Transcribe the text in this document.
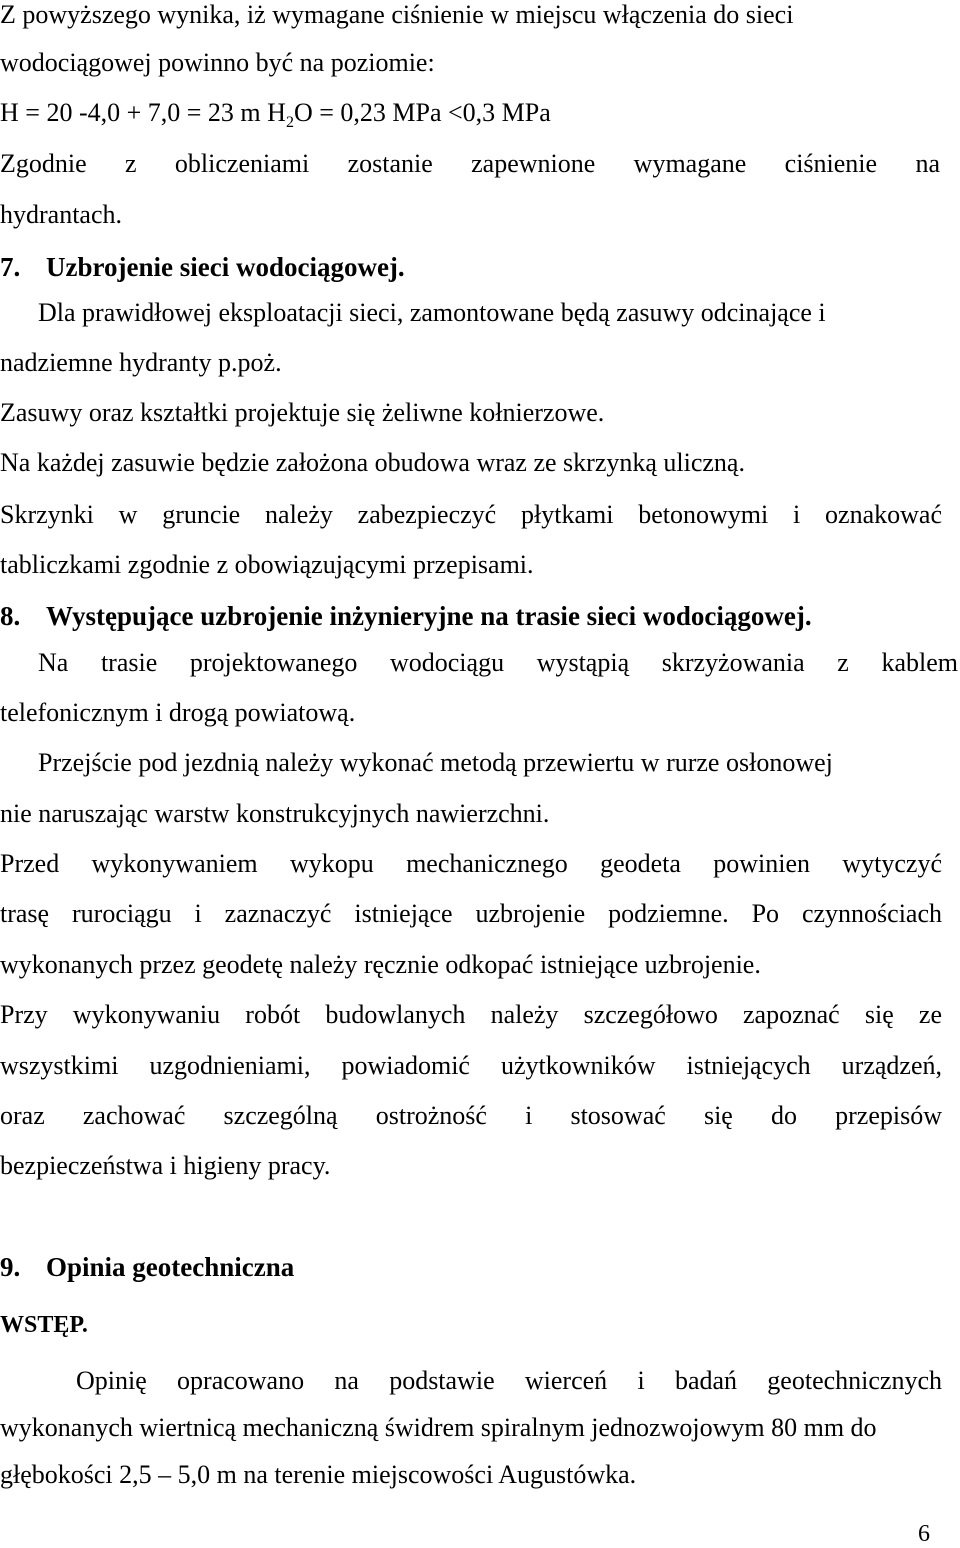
Z powyższego wynika, iż wymagane ciśnienie w miejscu włączenia do sieci
wodociągowej powinno być na poziomie:
H = 20 -4,0 + 7,0 = 23 m $H_2O = 0,23$ MPa <0,3 MPa
Zgodnie z obliczeniami zostanie zapewnione wymagane ciśnienie na
hydrantach.
7. Uzbrojenie sieci wodociągowej.
Dla prawidłowej eksploatacji sieci, zamontowane będą zasuwy odcinające i
nadziemne hydranty p.poż.
Zasuwy oraz kształtki projektuje się żeliwne kołnierzowe.
Na każdej zasuwie będzie założona obudowa wraz ze skrzynką uliczną.
Skrzynki w gruncie należy zabezpieczyć płytkami betonowymi i oznakować
tabliczkami zgodnie z obowiązującymi przepisami.
8. Występujące uzbrojenie inżynieryjne na trasie sieci wodociągowej.
Na trasie projektowanego wodociągu wystąpią skrzyżowania z kablem
telefonicznym i drogą powiatową.
Przejście pod jezdnią należy wykonać metodą przewiertu w rurze osłonowej
nie naruszając warstw konstrukcyjnych nawierzchni.
Przed wykonywaniem wykopu mechanicznego geodeta powinien wytyczyć
trasę rurociągu i zaznaczyć istniejące uzbrojenie podziemne. Po czynnościach
wykonanych przez geodetę należy ręcznie odkopać istniejące uzbrojenie.
Przy wykonywaniu robót budowlanych należy szczegółowo zapoznać się ze
wszystkimi uzgodnieniami, powiadomić użytkowników istniejących urządzeń,
oraz zachować szczególną ostrożność i stosować się do przepisów
bezpieczeństwa i higieny pracy.
9. Opinia geotechniczna
WSTĘP.
Opinię opracowano na podstawie wierceń i badań geotechnicznych
wykonanych wiertnicą mechaniczną świdrem spiralnym jednozwojowym 80 mm do
głębokości 2,5 – 5,0 m na terenie miejscowości Augustówka.
6
